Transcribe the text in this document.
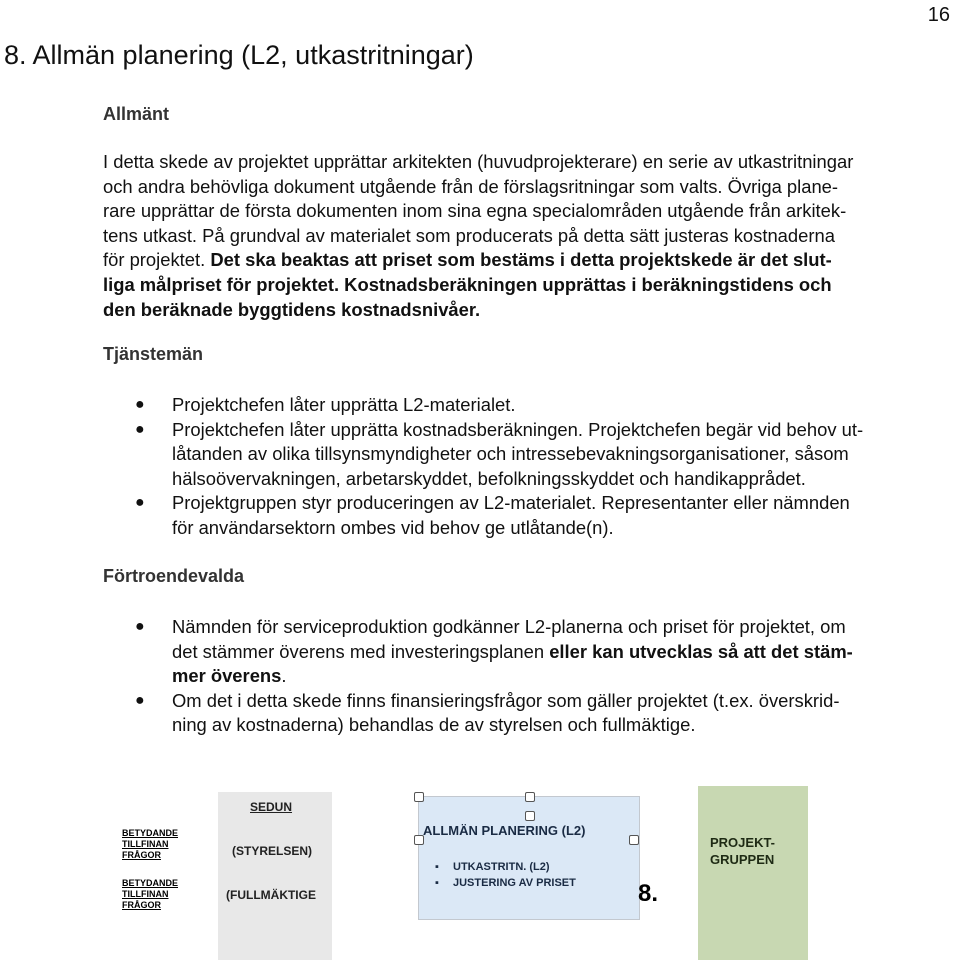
16
8. Allmän planering (L2, utkastritningar)
Allmänt
I detta skede av projektet upprättar arkitekten (huvudprojekterare) en serie av utkastritningar
och andra behövliga dokument utgående från de förslagsritningar som valts. Övriga plane-
rare upprättar de första dokumenten inom sina egna specialområden utgående från arkitek-
tens utkast. På grundval av materialet som producerats på detta sätt justeras kostnaderna
för projektet. Det ska beaktas att priset som bestäms i detta projektskede är det slut-
liga målpriset för projektet. Kostnadsberäkningen upprättas i beräkningstidens och
den beräknade byggtidens kostnadsnivåer.
Tjänstemän
● Projektchefen låter upprätta L2-materialet.
● Projektchefen låter upprätta kostnadsberäkningen. Projektchefen begär vid behov ut-
låtanden av olika tillsynsmyndigheter och intressebevakningsorganisationer, såsom
hälsoövervakningen, arbetarskyddet, befolkningsskyddet och handikapprådet.
● Projektgruppen styr produceringen av L2-materialet. Representanter eller nämnden
för användarsektorn ombes vid behov ge utlåtande(n).
Förtroendevalda
● Nämnden för serviceproduktion godkänner L2-planerna och priset för projektet, om
det stämmer överens med investeringsplanen eller kan utvecklas så att det stäm-
mer överens.
● Om det i detta skede finns finansieringsfrågor som gäller projektet (t.ex. överskrid-
ning av kostnaderna) behandlas de av styrelsen och fullmäktige.
BETYDANDE
TILLFINAN
FRÅGOR
BETYDANDE
TILLFINAN
FRÅGOR
SEDUN
(STYRELSEN)
(FULLMÄKTIGE
ALLMÄN PLANERING (L2)
▪ UTKASTRITN. (L2)
▪ JUSTERING AV PRISET	8.
PROJEKT-
GRUPPEN
